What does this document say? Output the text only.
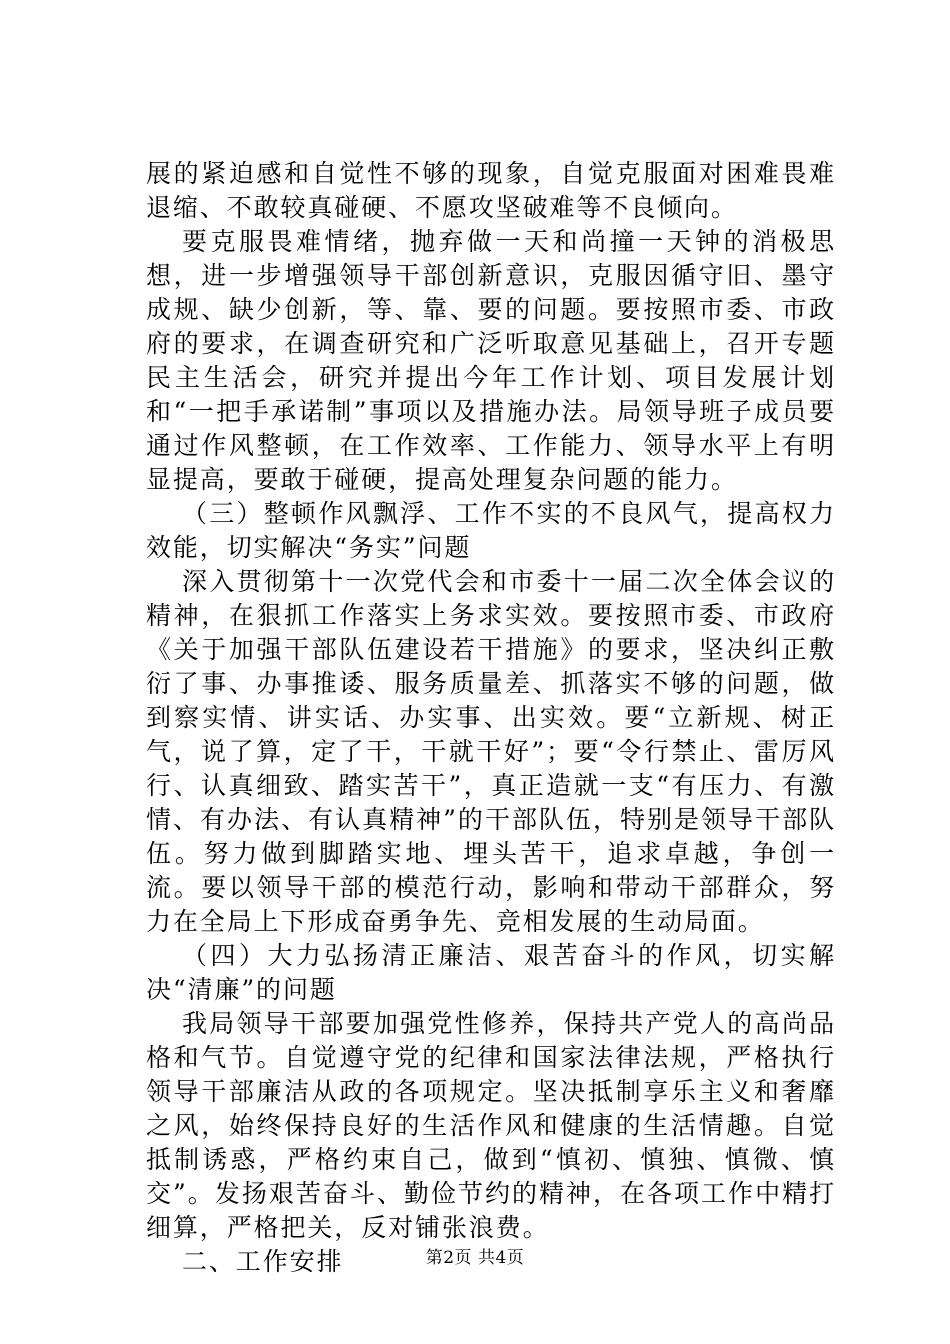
展的紧迫感和自觉性不够的现象，自觉克服面对困难畏难退缩、不敢较真碰硬、不愿攻坚破难等不良倾向。

要克服畏难情绪，抛弃做一天和尚撞一天钟的消极思想，进一步增强领导干部创新意识，克服因循守旧、墨守成规、缺少创新，等、靠、要的问题。要按照市委、市政府的要求，在调查研究和广泛听取意见基础上，召开专题民主生活会，研究并提出今年工作计划、项目发展计划和“一把手承诺制”事项以及措施办法。局领导班子成员要通过作风整顿，在工作效率、工作能力、领导水平上有明显提高，要敢于碰硬，提高处理复杂问题的能力。

（三）整顿作风飘浮、工作不实的不良风气，提高权力效能，切实解决“务实”问题

深入贯彻第十一次党代会和市委十一届二次全体会议的精神，在狠抓工作落实上务求实效。要按照市委、市政府《关于加强干部队伍建设若干措施》的要求，坚决纠正敷衍了事、办事推诿、服务质量差、抓落实不够的问题，做到察实情、讲实话、办实事、出实效。要“立新规、树正气，说了算，定了干，干就干好”；要“令行禁止、雷厉风行、认真细致、踏实苦干”，真正造就一支“有压力、有激情、有办法、有认真精神”的干部队伍，特别是领导干部队伍。努力做到脚踏实地、埋头苦干，追求卓越，争创一流。要以领导干部的模范行动，影响和带动干部群众，努力在全局上下形成奋勇争先、竞相发展的生动局面。

（四）大力弘扬清正廉洁、艰苦奋斗的作风，切实解决“清廉”的问题

我局领导干部要加强党性修养，保持共产党人的高尚品格和气节。自觉遵守党的纪律和国家法律法规，严格执行领导干部廉洁从政的各项规定。坚决抵制享乐主义和奢靡之风，始终保持良好的生活作风和健康的生活情趣。自觉抵制诱惑，严格约束自己，做到“慎初、慎独、慎微、慎交”。发扬艰苦奋斗、勤俭节约的精神，在各项工作中精打细算，严格把关，反对铺张浪费。

二、工作安排	第2页 共4页
